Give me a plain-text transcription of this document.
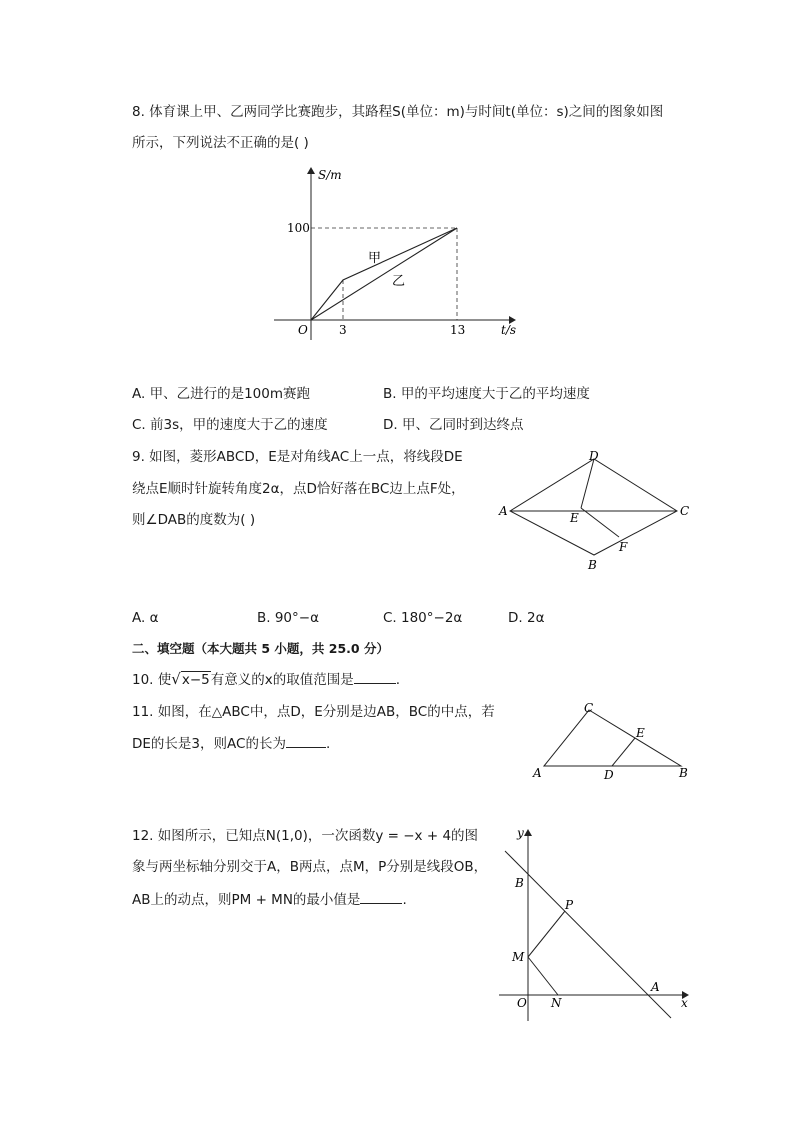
8. 体育课上甲、乙两同学比赛跑步，其路程S(单位：m)与时间t(单位：s)之间的图象如图
所示，下列说法不正确的是( )
S/m
100
O	3	13	t/s
甲
乙
A. 甲、乙进行的是100m赛跑	B. 甲的平均速度大于乙的平均速度
C. 前3s，甲的速度大于乙的速度	D. 甲、乙同时到达终点
9. 如图，菱形ABCD，E是对角线AC上一点，将线段DE
绕点E顺时针旋转角度2α，点D恰好落在BC边上点F处，
则∠DAB的度数为( )
D
A	C
E
F
B
A. α	B. 90°−α	C. 180°−2α	D. 2α
二、填空题（本大题共 5 小题，共 25.0 分）
10. 使√x−5有意义的x的取值范围是	.
11. 如图，在△ABC中，点D，E分别是边AB，BC的中点，若
DE的长是3，则AC的长为	.
C
E
A	D	B
12. 如图所示，已知点N(1,0)，一次函数y = −x + 4的图
象与两坐标轴分别交于A，B两点，点M，P分别是线段OB，
AB上的动点，则PM + MN的最小值是	.
y
x
B
P
M
A
O N
